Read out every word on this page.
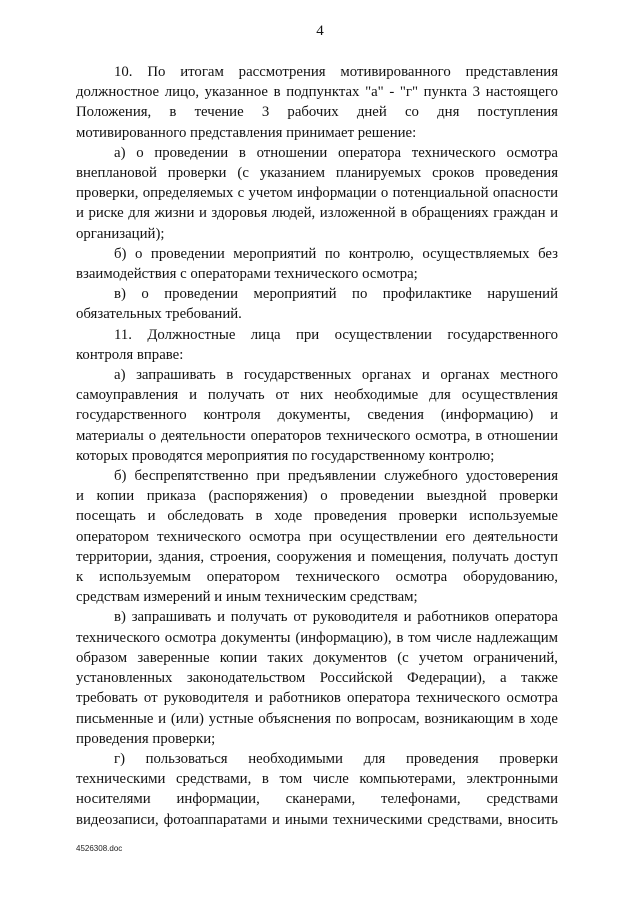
4

10. По итогам рассмотрения мотивированного представления
должностное лицо, указанное в подпунктах "а" - "г" пункта 3 настоящего
Положения, в течение 3 рабочих дней со дня поступления
мотивированного представления принимает решение:

а) о проведении в отношении оператора технического осмотра
внеплановой проверки (с указанием планируемых сроков проведения
проверки, определяемых с учетом информации о потенциальной опасности
и риске для жизни и здоровья людей, изложенной в обращениях граждан и
организаций);

б) о проведении мероприятий по контролю, осуществляемых без
взаимодействия с операторами технического осмотра;

в) о проведении мероприятий по профилактике нарушений
обязательных требований.

11. Должностные лица при осуществлении государственного
контроля вправе:

а) запрашивать в государственных органах и органах местного
самоуправления и получать от них необходимые для осуществления
государственного контроля документы, сведения (информацию) и
материалы о деятельности операторов технического осмотра, в отношении
которых проводятся мероприятия по государственному контролю;

б) беспрепятственно при предъявлении служебного удостоверения
и копии приказа (распоряжения) о проведении выездной проверки
посещать и обследовать в ходе проведения проверки используемые
оператором технического осмотра при осуществлении его деятельности
территории, здания, строения, сооружения и помещения, получать доступ
к используемым оператором технического осмотра оборудованию,
средствам измерений и иным техническим средствам;

в) запрашивать и получать от руководителя и работников оператора
технического осмотра документы (информацию), в том числе надлежащим
образом заверенные копии таких документов (с учетом ограничений,
установленных законодательством Российской Федерации), а также
требовать от руководителя и работников оператора технического осмотра
письменные и (или) устные объяснения по вопросам, возникающим в ходе
проведения проверки;

г) пользоваться необходимыми для проведения проверки
техническими средствами, в том числе компьютерами, электронными
носителями информации, сканерами, телефонами, средствами
видеозаписи, фотоаппаратами и иными техническими средствами, вносить

4526308.doc
